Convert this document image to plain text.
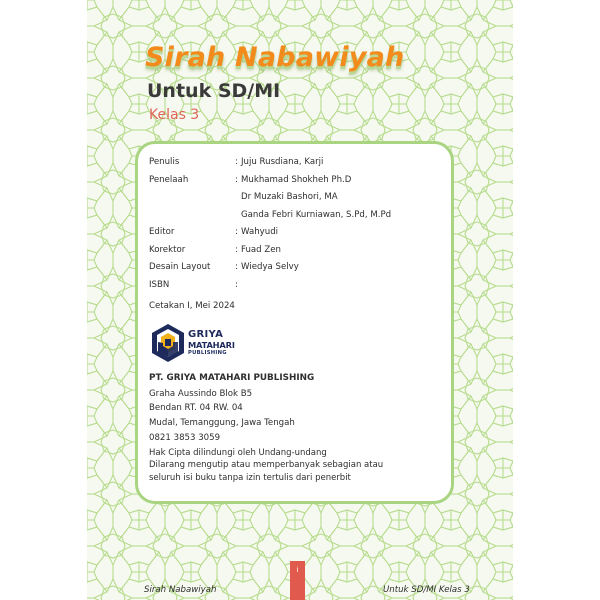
Sirah Nabawiyah
Untuk SD/MI
Kelas 3
Penulis	: Juju Rusdiana, Karji
Penelaah	: Mukhamad Shokheh Ph.D
Dr Muzaki Bashori, MA
Ganda Febri Kurniawan, S.Pd, M.Pd
Editor	: Wahyudi
Korektor	: Fuad Zen
Desain Layout	: Wiedya Selvy
ISBN	:

Cetakan I, Mei 2024
GRIYA
MATAHARI
PUBLISHING
PT. GRIYA MATAHARI PUBLISHING
Graha Aussindo Blok B5
Bendan RT. 04 RW. 04
Mudal, Temanggung, Jawa Tengah
0821 3853 3059
Hak Cipta dilindungi oleh Undang-undang
Dilarang mengutip atau memperbanyak sebagian atau
seluruh isi buku tanpa izin tertulis dari penerbit
i
Sirah Nabawiyah	Untuk SD/MI Kelas 3
